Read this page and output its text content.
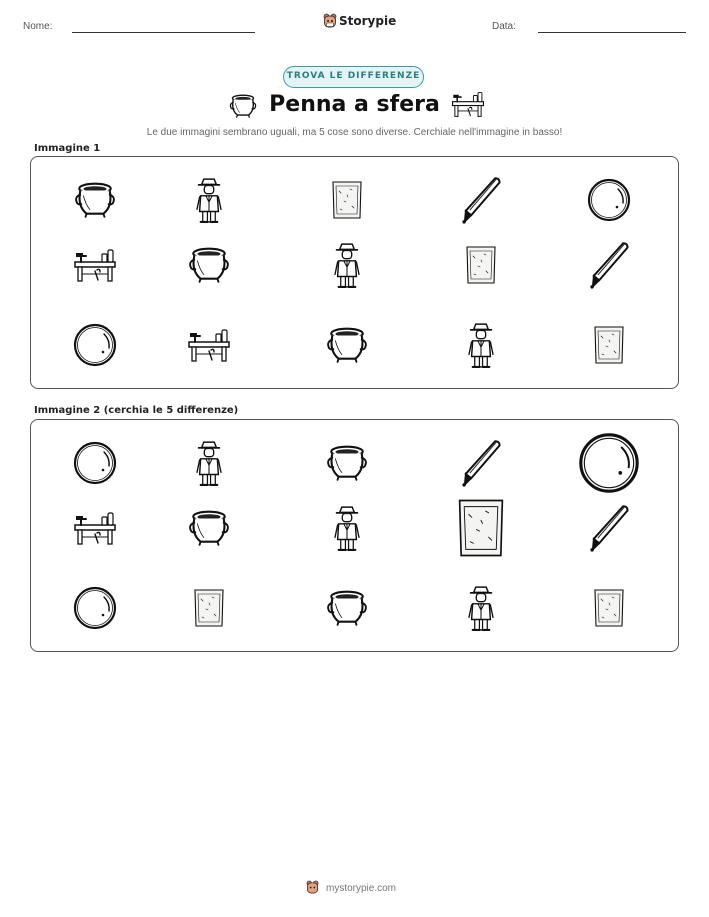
Nome:	Storypie	Data:
TROVA LE DIFFERENZE
Penna a sfera
Le due immagini sembrano uguali, ma 5 cose sono diverse. Cerchiale nell'immagine in basso!
Immagine 1
Immagine 2 (cerchia le 5 differenze)
mystorypie.com
